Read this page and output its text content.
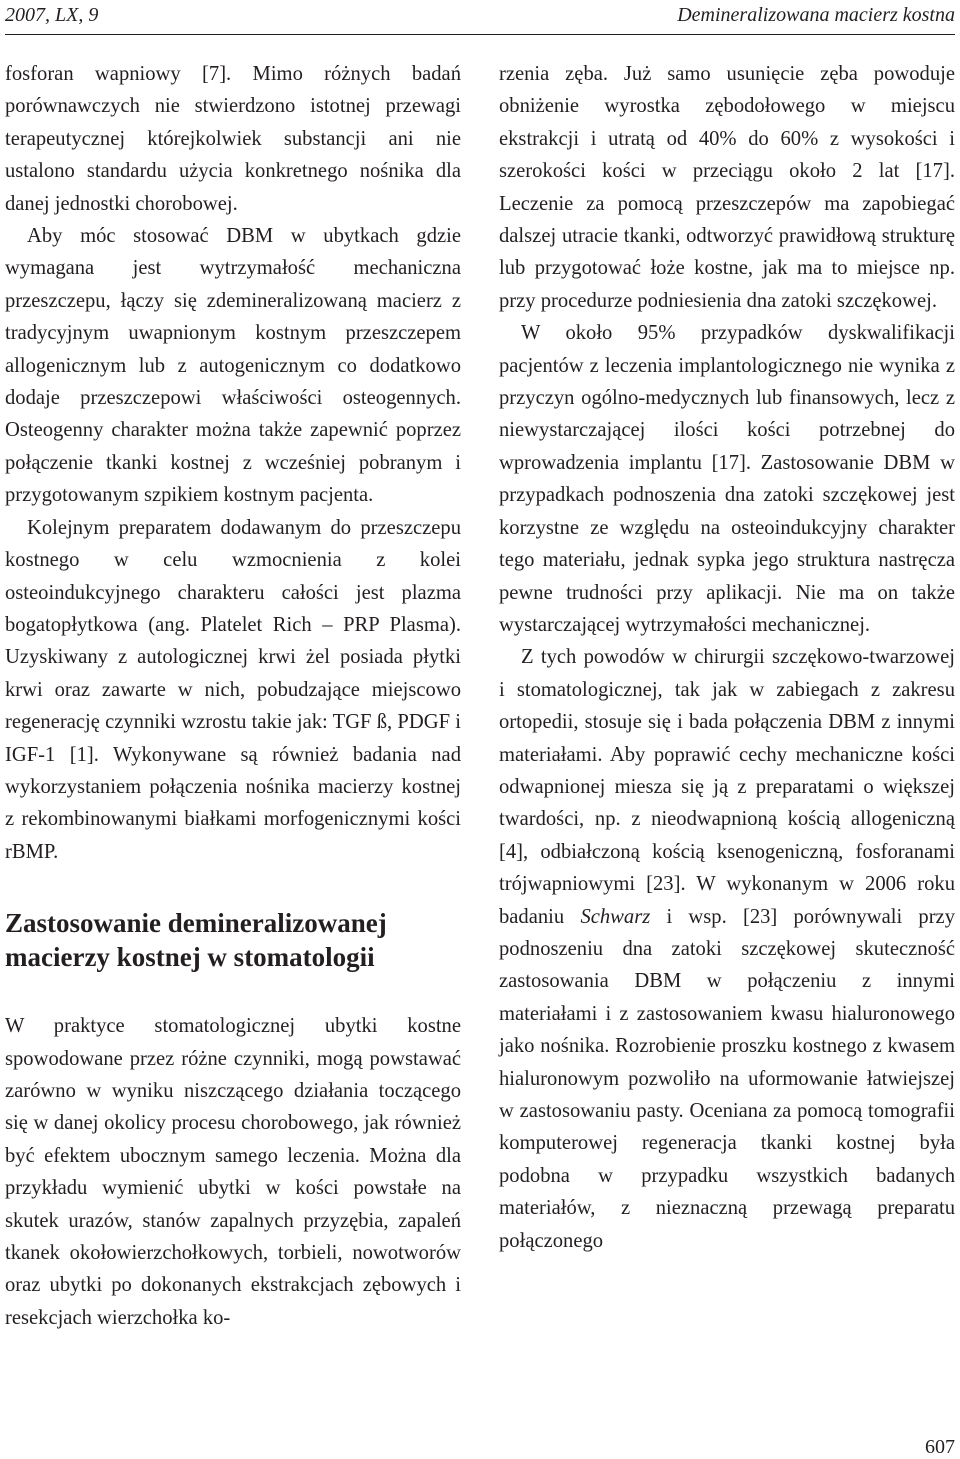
2007, LX, 9	Demineralizowana macierz kostna

fosforan wapniowy [7]. Mimo różnych badań porównawczych nie stwierdzono istotnej przewagi terapeutycznej którejkolwiek substancji ani nie ustalono standardu użycia konkretnego nośnika dla danej jednostki chorobowej.

Aby móc stosować DBM w ubytkach gdzie wymagana jest wytrzymałość mechaniczna przeszczepu, łączy się zdemineralizowaną macierz z tradycyjnym uwapnionym kostnym przeszczepem allogenicznym lub z autogenicznym co dodatkowo dodaje przeszczepowi właściwości osteogennych. Osteogenny charakter można także zapewnić poprzez połączenie tkanki kostnej z wcześniej pobranym i przygotowanym szpikiem kostnym pacjenta.

Kolejnym preparatem dodawanym do przeszczepu kostnego w celu wzmocnienia z kolei osteoindukcyjnego charakteru całości jest plazma bogatopłytkowa (ang. Platelet Rich – PRP Plasma). Uzyskiwany z autologicznej krwi żel posiada płytki krwi oraz zawarte w nich, pobudzające miejscowo regenerację czynniki wzrostu takie jak: TGF ß, PDGF i IGF-1 [1]. Wykonywane są również badania nad wykorzystaniem połączenia nośnika macierzy kostnej z rekombinowanymi białkami morfogenicznymi kości rBMP.

Zastosowanie demineralizowanej macierzy kostnej w stomatologii

W praktyce stomatologicznej ubytki kostne spowodowane przez różne czynniki, mogą powstawać zarówno w wyniku niszczącego działania toczącego się w danej okolicy procesu chorobowego, jak również być efektem ubocznym samego leczenia. Można dla przykładu wymienić ubytki w kości powstałe na skutek urazów, stanów zapalnych przyzębia, zapaleń tkanek okołowierzchołkowych, torbieli, nowotworów oraz ubytki po dokonanych ekstrakcjach zębowych i resekcjach wierzchołka ko-

rzenia zęba. Już samo usunięcie zęba powoduje obniżenie wyrostka zębodołowego w miejscu ekstrakcji i utratą od 40% do 60% z wysokości i szerokości kości w przeciągu około 2 lat [17]. Leczenie za pomocą przeszczepów ma zapobiegać dalszej utracie tkanki, odtworzyć prawidłową strukturę lub przygotować łoże kostne, jak ma to miejsce np. przy procedurze podniesienia dna zatoki szczękowej.

W około 95% przypadków dyskwalifikacji pacjentów z leczenia implantologicznego nie wynika z przyczyn ogólno-medycznych lub finansowych, lecz z niewystarczającej ilości kości potrzebnej do wprowadzenia implantu [17]. Zastosowanie DBM w przypadkach podnoszenia dna zatoki szczękowej jest korzystne ze względu na osteoindukcyjny charakter tego materiału, jednak sypka jego struktura nastręcza pewne trudności przy aplikacji. Nie ma on także wystarczającej wytrzymałości mechanicznej.

Z tych powodów w chirurgii szczękowo-twarzowej i stomatologicznej, tak jak w zabiegach z zakresu ortopedii, stosuje się i bada połączenia DBM z innymi materiałami. Aby poprawić cechy mechaniczne kości odwapnionej miesza się ją z preparatami o większej twardości, np. z nieodwapnioną kością allogeniczną [4], odbiałczoną kością ksenogeniczną, fosforanami trójwapniowymi [23]. W wykonanym w 2006 roku badaniu Schwarz i wsp. [23] porównywali przy podnoszeniu dna zatoki szczękowej skuteczność zastosowania DBM w połączeniu z innymi materiałami i z zastosowaniem kwasu hialuronowego jako nośnika. Rozrobienie proszku kostnego z kwasem hialuronowym pozwoliło na uformowanie łatwiejszej w zastosowaniu pasty. Oceniana za pomocą tomografii komputerowej regeneracja tkanki kostnej była podobna w przypadku wszystkich badanych materiałów, z nieznaczną przewagą preparatu połączonego

607
